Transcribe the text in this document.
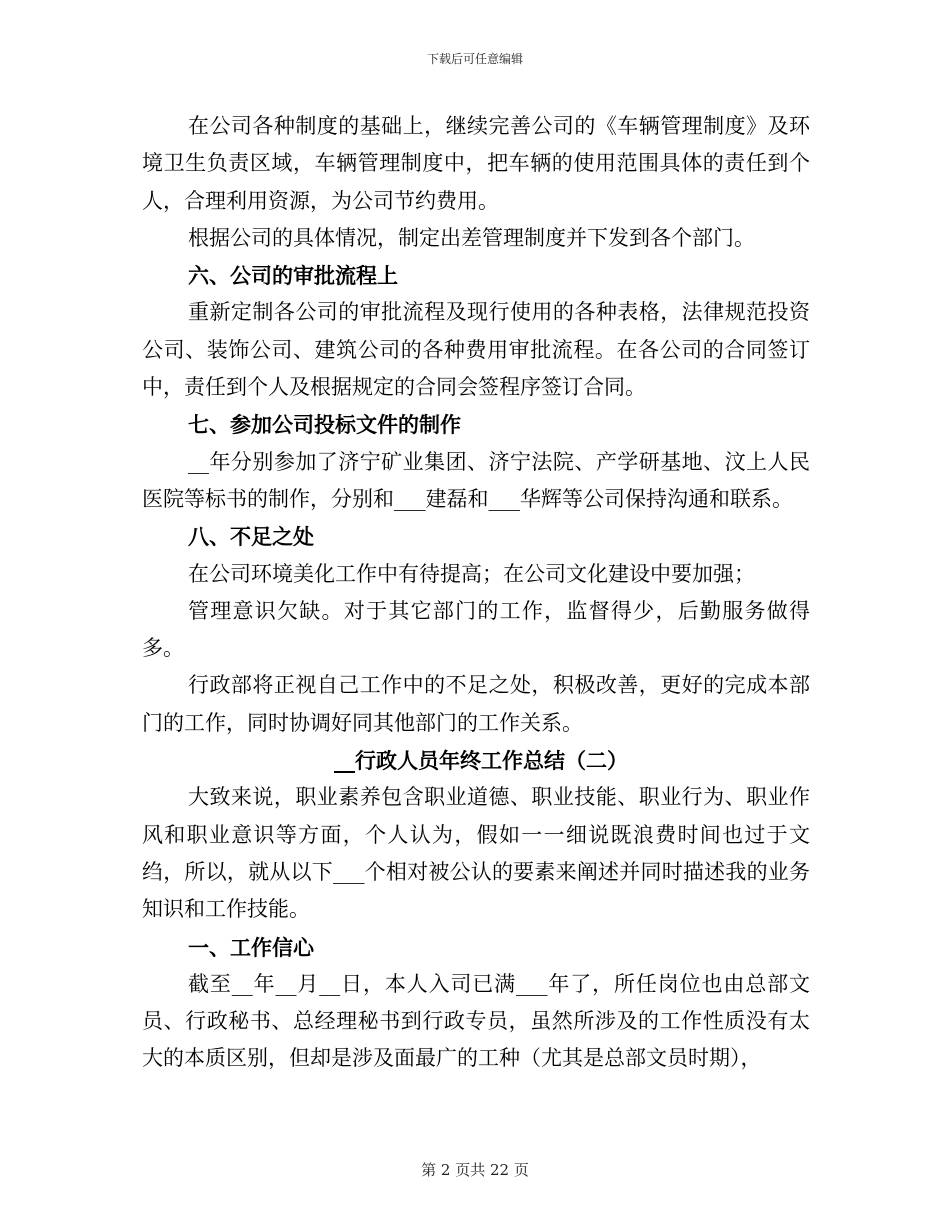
下载后可任意编辑

在公司各种制度的基础上，继续完善公司的《车辆管理制度》及环境卫生负责区域，车辆管理制度中，把车辆的使用范围具体的责任到个人，合理利用资源，为公司节约费用。

根据公司的具体情况，制定出差管理制度并下发到各个部门。

六、公司的审批流程上

重新定制各公司的审批流程及现行使用的各种表格，法律规范投资公司、装饰公司、建筑公司的各种费用审批流程。在各公司的合同签订中，责任到个人及根据规定的合同会签程序签订合同。

七、参加公司投标文件的制作

__年分别参加了济宁矿业集团、济宁法院、产学研基地、汶上人民医院等标书的制作，分别和___建磊和___华辉等公司保持沟通和联系。

八、不足之处

在公司环境美化工作中有待提高；在公司文化建设中要加强；

管理意识欠缺。对于其它部门的工作，监督得少，后勤服务做得多。

行政部将正视自己工作中的不足之处，积极改善，更好的完成本部门的工作，同时协调好同其他部门的工作关系。

__行政人员年终工作总结（二）

大致来说，职业素养包含职业道德、职业技能、职业行为、职业作风和职业意识等方面，个人认为，假如一一细说既浪费时间也过于文绉，所以，就从以下___个相对被公认的要素来阐述并同时描述我的业务知识和工作技能。

一、工作信心

截至__年__月__日，本人入司已满___年了，所任岗位也由总部文员、行政秘书、总经理秘书到行政专员，虽然所涉及的工作性质没有太大的本质区别，但却是涉及面最广的工种（尤其是总部文员时期），

第 2 页共 22 页
